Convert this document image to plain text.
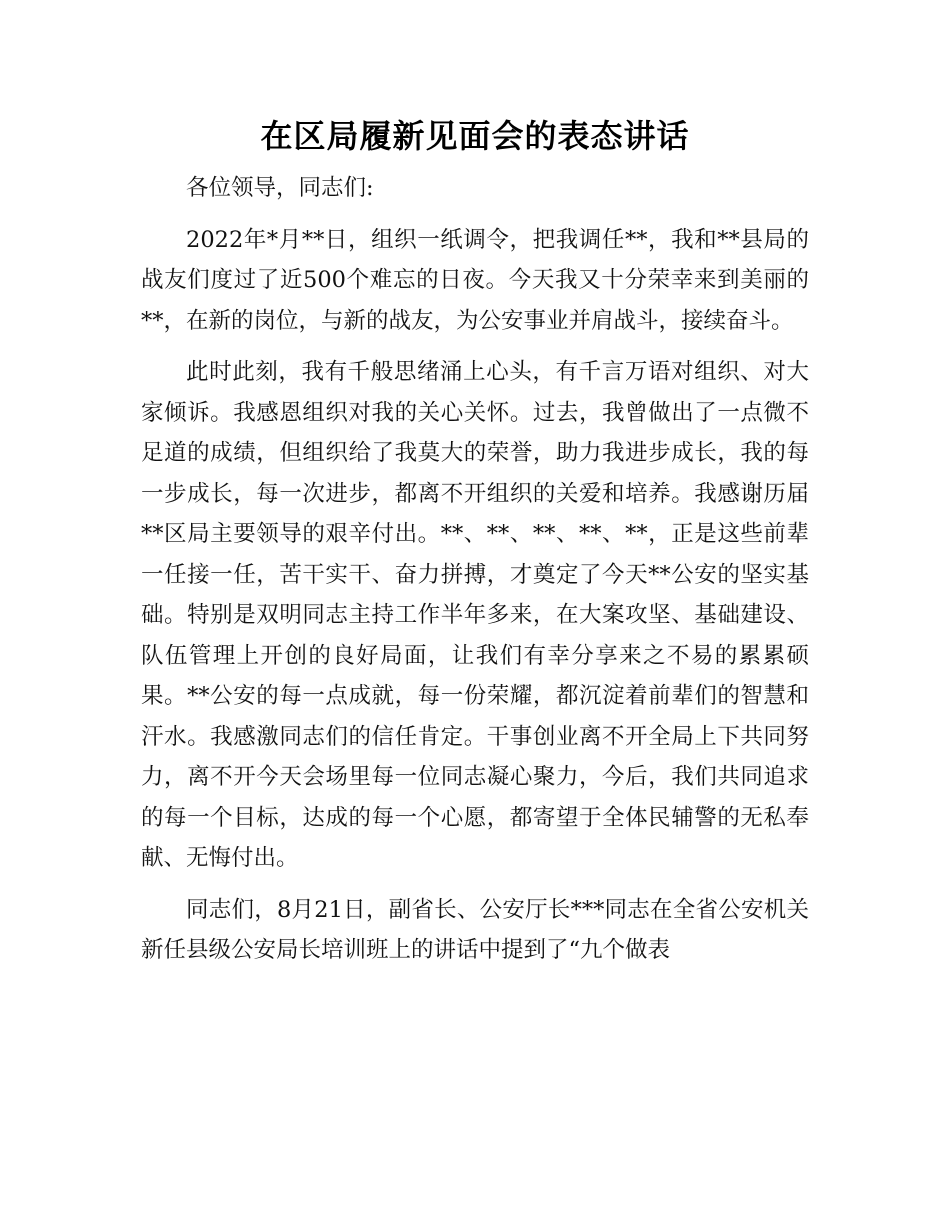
在区局履新见面会的表态讲话

各位领导，同志们:

2022年*月**日，组织一纸调令，把我调任**，我和**县局的战友们度过了近500个难忘的日夜。今天我又十分荣幸来到美丽的**，在新的岗位，与新的战友，为公安事业并肩战斗，接续奋斗。

此时此刻，我有千般思绪涌上心头，有千言万语对组织、对大家倾诉。我感恩组织对我的关心关怀。过去，我曾做出了一点微不足道的成绩，但组织给了我莫大的荣誉，助力我进步成长，我的每一步成长，每一次进步，都离不开组织的关爱和培养。我感谢历届**区局主要领导的艰辛付出。**、**、**、**、**，正是这些前辈一任接一任，苦干实干、奋力拼搏，才奠定了今天**公安的坚实基础。特别是双明同志主持工作半年多来，在大案攻坚、基础建设、队伍管理上开创的良好局面，让我们有幸分享来之不易的累累硕果。**公安的每一点成就，每一份荣耀，都沉淀着前辈们的智慧和汗水。我感激同志们的信任肯定。干事创业离不开全局上下共同努力，离不开今天会场里每一位同志凝心聚力，今后，我们共同追求的每一个目标，达成的每一个心愿，都寄望于全体民辅警的无私奉献、无悔付出。

同志们，8月21日，副省长、公安厅长***同志在全省公安机关新任县级公安局长培训班上的讲话中提到了“九个做表
